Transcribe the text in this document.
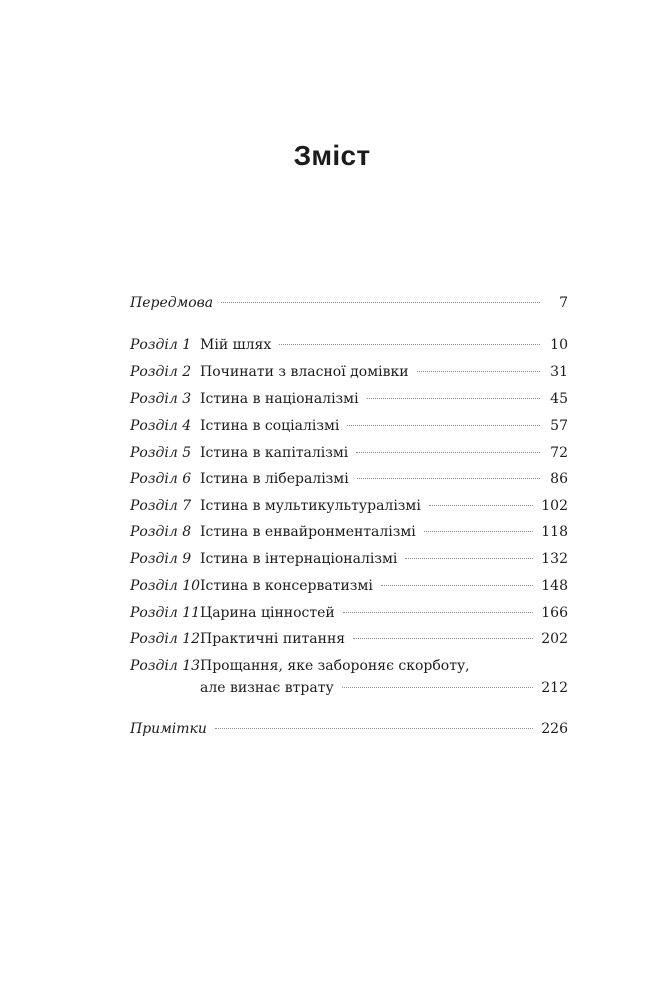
Зміст
Передмова	7
Розділ 1 Мій шлях	10
Розділ 2 Починати з власної домівки	31
Розділ 3 Істина в націоналізмі	45
Розділ 4 Істина в соціалізмі	57
Розділ 5 Істина в капіталізмі	72
Розділ 6 Істина в лібералізмі	86
Розділ 7 Істина в мультикультуралізмі	102
Розділ 8 Істина в енвайронменталізмі	118
Розділ 9 Істина в інтернаціоналізмі	132
Розділ 10 Істина в консерватизмі	148
Розділ 11 Царина цінностей	166
Розділ 12 Практичні питання	202
Розділ 13 Прощання, яке забороняє скорботу,
але визнає втрату	212
Примітки	226
